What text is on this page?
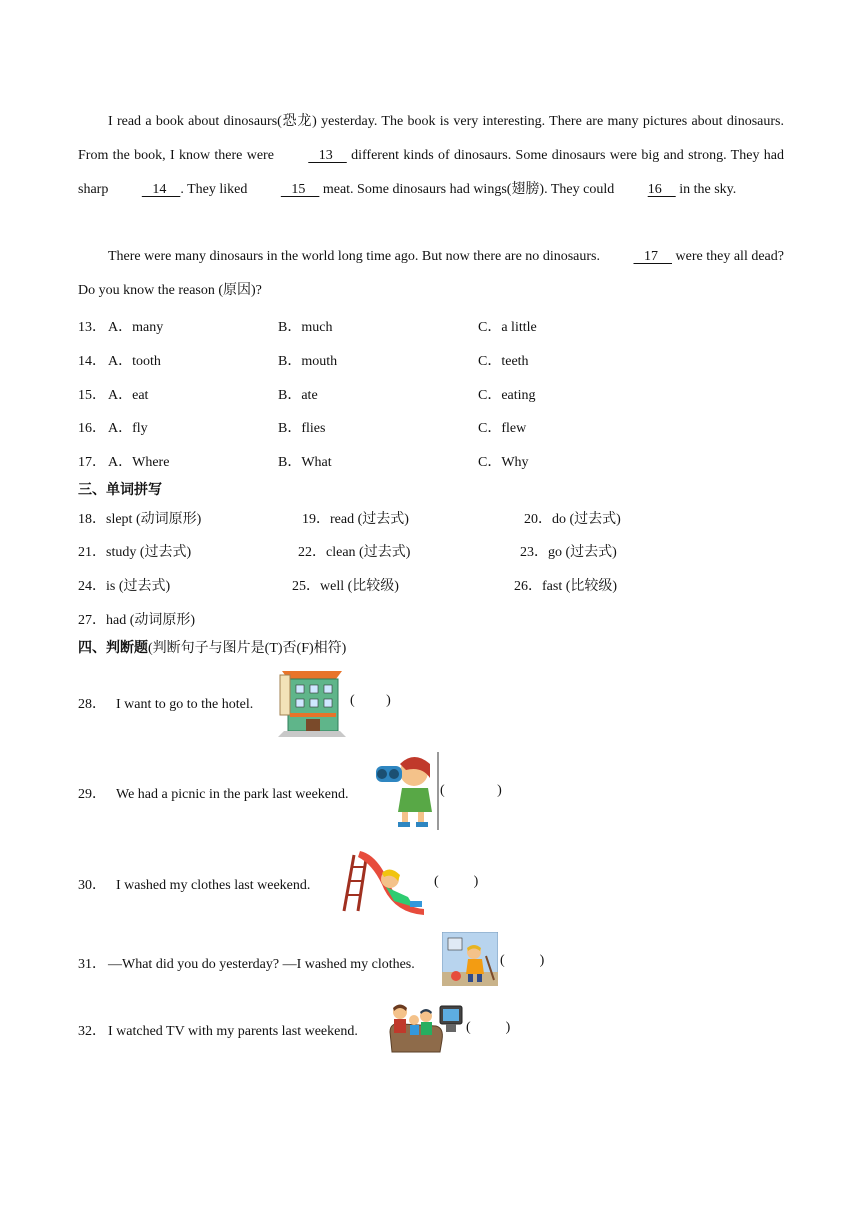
I read a book about dinosaurs(恐龙) yesterday. The book is very interesting. There are many pictures about dinosaurs. From the book, I know there were    13     different kinds of dinosaurs. Some dinosaurs were big and strong. They had sharp    14    . They liked    15     meat. Some dinosaurs had wings(翅膀). They could 16     in the sky.
There were many dinosaurs in the world long time ago. But now there are no dinosaurs.    17     were they all dead? Do you know the reason (原因)?
13． A．many	B．much	C．a little
14． A．tooth	B．mouth	C．teeth
15． A．eat	B．ate	C．eating
16． A．fly	B．flies	C．flew
17． A．Where	B．What	C．Why
三、单词拼写
18．slept (动词原形)	19．read (过去式)	20．do (过去式)
21．study (过去式)	22．clean (过去式)	23．go (过去式)
24．is (过去式)	25．well (比较级)	26．fast (比较级)
27．had (动词原形)
四、判断题(判断句子与图片是(T)否(F)相符)
28． I want to go to the hotel.	(         )
29． We had a picnic in the park last weekend.	(               )
30． I washed my clothes last weekend.	(          )
31． —What did you do yesterday? —I washed my clothes.	(          )
32． I watched TV with my parents last weekend.	(          )
